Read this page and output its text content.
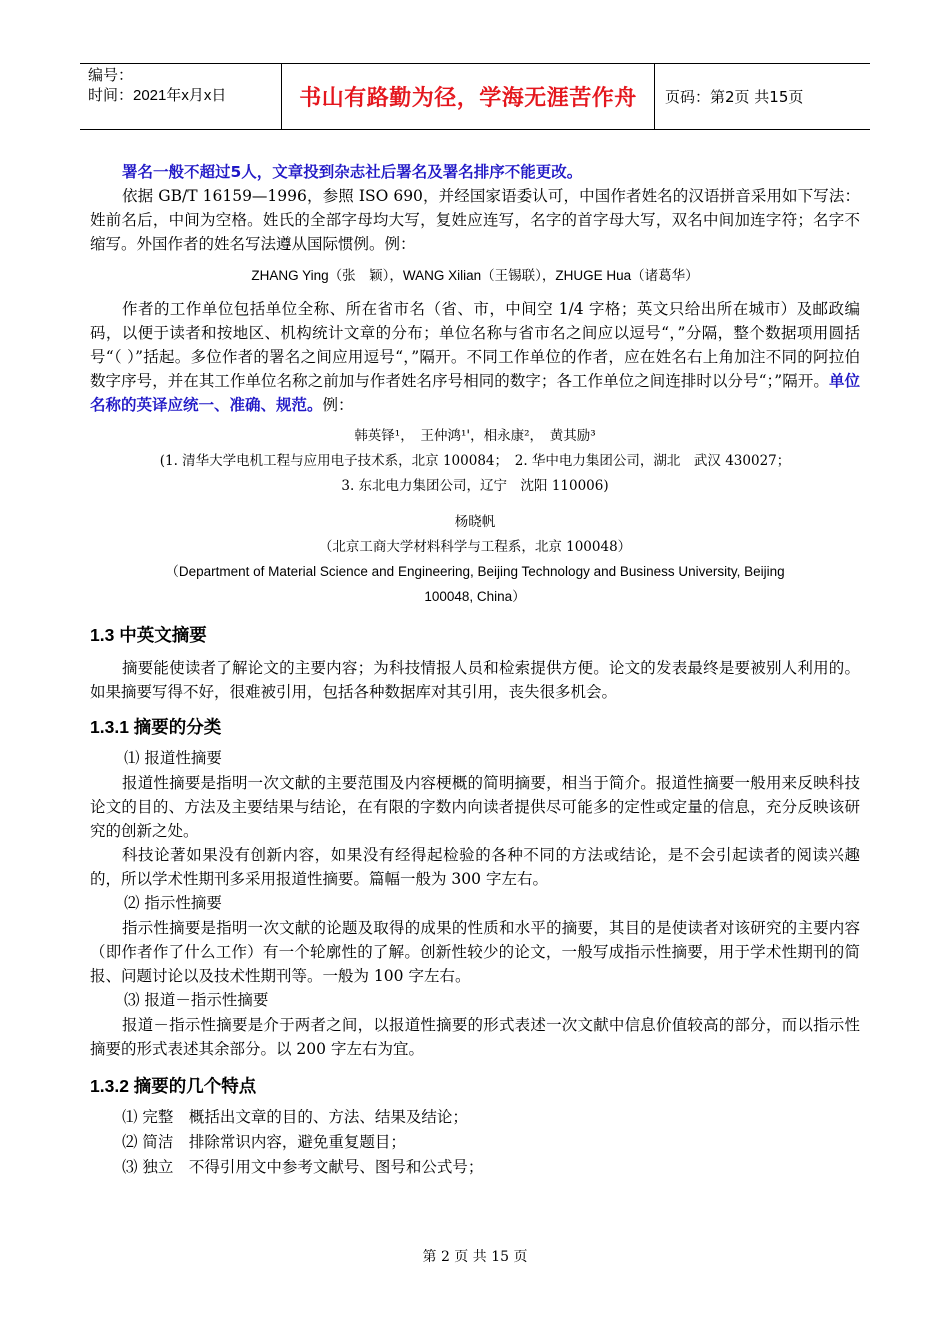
编号：
时间：2021年x月x日	书山有路勤为径，学海无涯苦作舟	页码：第2页 共15页

署名一般不超过5人，文章投到杂志社后署名及署名排序不能更改。

依据 GB/T 16159—1996，参照 ISO 690，并经国家语委认可，中国作者姓名的汉语拼音采用如下写法：姓前名后，中间为空格。姓氏的全部字母均大写，复姓应连写，名字的首字母大写，双名中间加连字符；名字不缩写。外国作者的姓名写法遵从国际惯例。例：

ZHANG Ying（张　颖），WANG Xilian（王锡联），ZHUGE Hua（诸葛华）

作者的工作单位包括单位全称、所在省市名（省、市，中间空 1/4 字格；英文只给出所在城市）及邮政编码，以便于读者和按地区、机构统计文章的分布；单位名称与省市名之间应以逗号“，”分隔，整个数据项用圆括号“（ ）”括起。多位作者的署名之间应用逗号“，”隔开。不同工作单位的作者，应在姓名右上角加注不同的阿拉伯数字序号，并在其工作单位名称之前加与作者姓名序号相同的数字；各工作单位之间连排时以分号“；”隔开。单位名称的英译应统一、准确、规范。例：

韩英铎¹，　王仲鸿¹'，相永康²，　黄其励³

(1. 清华大学电机工程与应用电子技术系，北京 100084；　2. 华中电力集团公司，湖北　武汉 430027；

3. 东北电力集团公司，辽宁　沈阳 110006)

杨晓帆

（北京工商大学材料科学与工程系，北京 100048）

（Department of Material Science and Engineering, Beijing Technology and Business University, Beijing

100048, China）

1.3 中英文摘要

摘要能使读者了解论文的主要内容；为科技情报人员和检索提供方便。论文的发表最终是要被别人利用的。如果摘要写得不好，很难被引用，包括各种数据库对其引用，丧失很多机会。

1.3.1 摘要的分类

⑴ 报道性摘要

报道性摘要是指明一次文献的主要范围及内容梗概的简明摘要，相当于简介。报道性摘要一般用来反映科技论文的目的、方法及主要结果与结论，在有限的字数内向读者提供尽可能多的定性或定量的信息，充分反映该研究的创新之处。

科技论著如果没有创新内容，如果没有经得起检验的各种不同的方法或结论，是不会引起读者的阅读兴趣的，所以学术性期刊多采用报道性摘要。篇幅一般为 300 字左右。

⑵ 指示性摘要

指示性摘要是指明一次文献的论题及取得的成果的性质和水平的摘要，其目的是使读者对该研究的主要内容（即作者作了什么工作）有一个轮廓性的了解。创新性较少的论文，一般写成指示性摘要，用于学术性期刊的简报、问题讨论以及技术性期刊等。一般为 100 字左右。

⑶ 报道－指示性摘要

报道－指示性摘要是介于两者之间，以报道性摘要的形式表述一次文献中信息价值较高的部分，而以指示性摘要的形式表述其余部分。以 200 字左右为宜。

1.3.2 摘要的几个特点

⑴ 完整　概括出文章的目的、方法、结果及结论；

⑵ 简洁　排除常识内容，避免重复题目；

⑶ 独立　不得引用文中参考文献号、图号和公式号；

第 2 页 共 15 页
